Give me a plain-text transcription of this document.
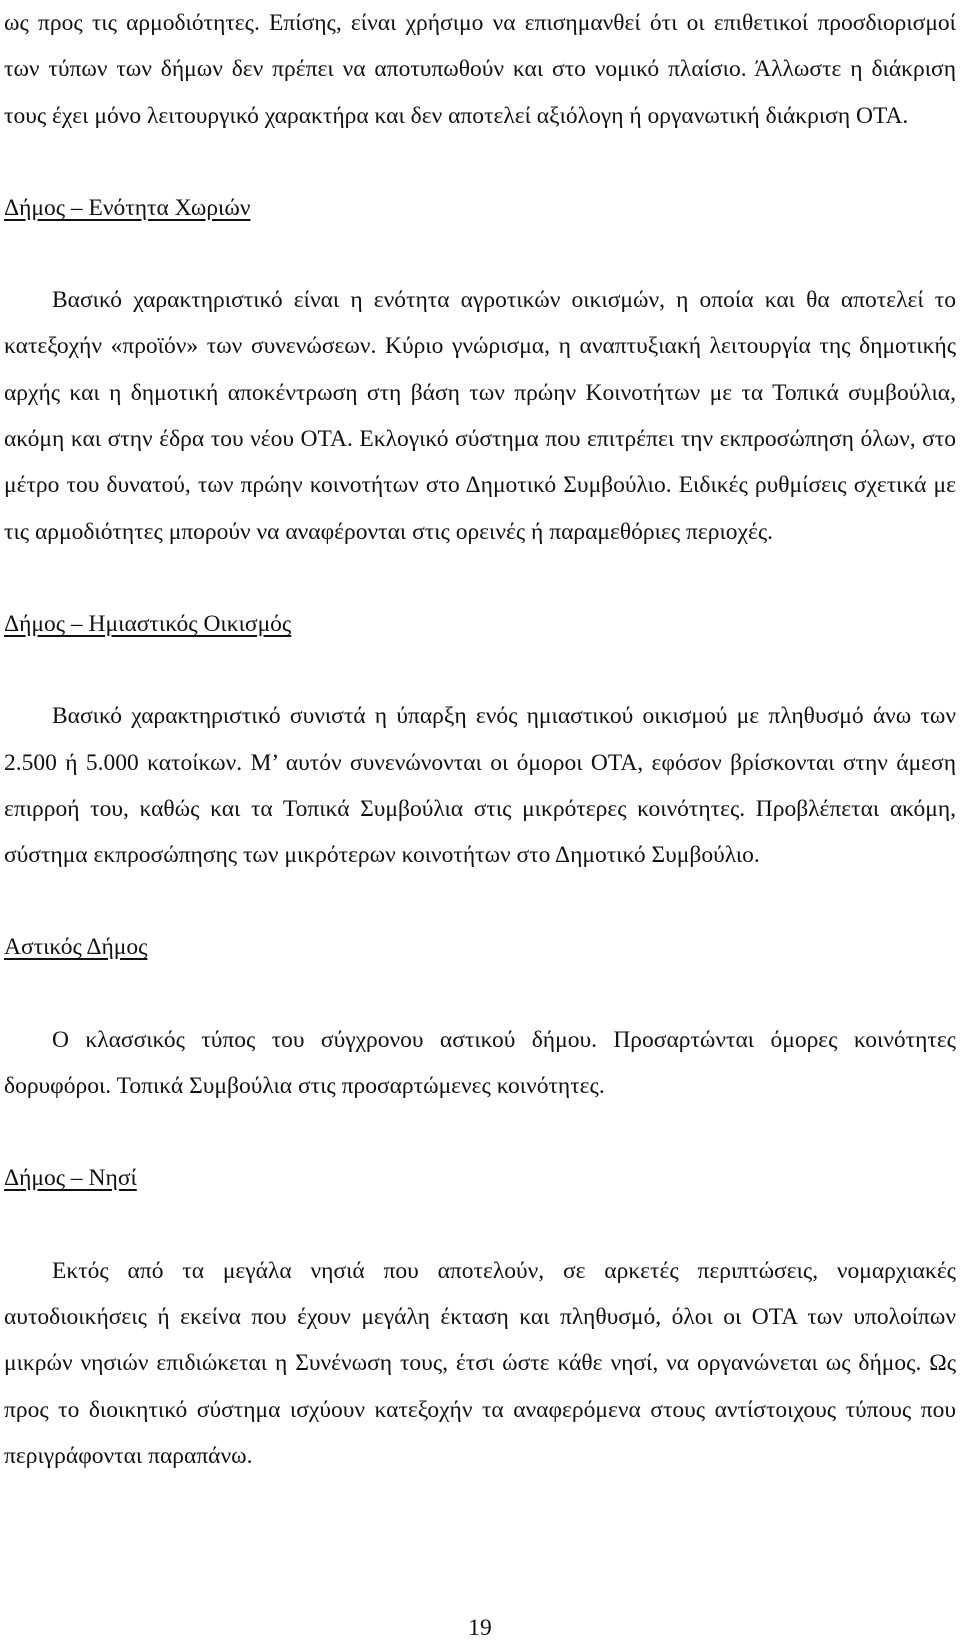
ως προς τις αρμοδιότητες. Επίσης, είναι χρήσιμο να επισημανθεί ότι οι επιθετικοί προσδιορισμοί των τύπων των δήμων δεν πρέπει να αποτυπωθούν και στο νομικό πλαίσιο. Άλλωστε η διάκριση τους έχει μόνο λειτουργικό χαρακτήρα και δεν αποτελεί αξιόλογη ή οργανωτική διάκριση ΟΤΑ.

Δήμος – Ενότητα Χωριών

Βασικό χαρακτηριστικό είναι η ενότητα αγροτικών οικισμών, η οποία και θα αποτελεί το κατεξοχήν «προϊόν» των συνενώσεων. Κύριο γνώρισμα, η αναπτυξιακή λειτουργία της δημοτικής αρχής και η δημοτική αποκέντρωση στη βάση των πρώην Κοινοτήτων με τα Τοπικά συμβούλια, ακόμη και στην έδρα του νέου ΟΤΑ. Εκλογικό σύστημα που επιτρέπει την εκπροσώπηση όλων, στο μέτρο του δυνατού, των πρώην κοινοτήτων στο Δημοτικό Συμβούλιο. Ειδικές ρυθμίσεις σχετικά με τις αρμοδιότητες μπορούν να αναφέρονται στις ορεινές ή παραμεθόριες περιοχές.

Δήμος – Ημιαστικός Οικισμός

Βασικό χαρακτηριστικό συνιστά η ύπαρξη ενός ημιαστικού οικισμού με πληθυσμό άνω των 2.500 ή 5.000 κατοίκων. Μ’ αυτόν συνενώνονται οι όμοροι ΟΤΑ, εφόσον βρίσκονται στην άμεση επιρροή του, καθώς και τα Τοπικά Συμβούλια στις μικρότερες κοινότητες. Προβλέπεται ακόμη, σύστημα εκπροσώπησης των μικρότερων κοινοτήτων στο Δημοτικό Συμβούλιο.

Αστικός Δήμος

Ο κλασσικός τύπος του σύγχρονου αστικού δήμου. Προσαρτώνται όμορες κοινότητες δορυφόροι. Τοπικά Συμβούλια στις προσαρτώμενες κοινότητες.

Δήμος – Νησί

Εκτός από τα μεγάλα νησιά που αποτελούν, σε αρκετές περιπτώσεις, νομαρχιακές αυτοδιοικήσεις ή εκείνα που έχουν μεγάλη έκταση και πληθυσμό, όλοι οι ΟΤΑ των υπολοίπων μικρών νησιών επιδιώκεται η Συνένωση τους, έτσι ώστε κάθε νησί, να οργανώνεται ως δήμος. Ως προς το διοικητικό σύστημα ισχύουν κατεξοχήν τα αναφερόμενα στους αντίστοιχους τύπους που περιγράφονται παραπάνω.

19
